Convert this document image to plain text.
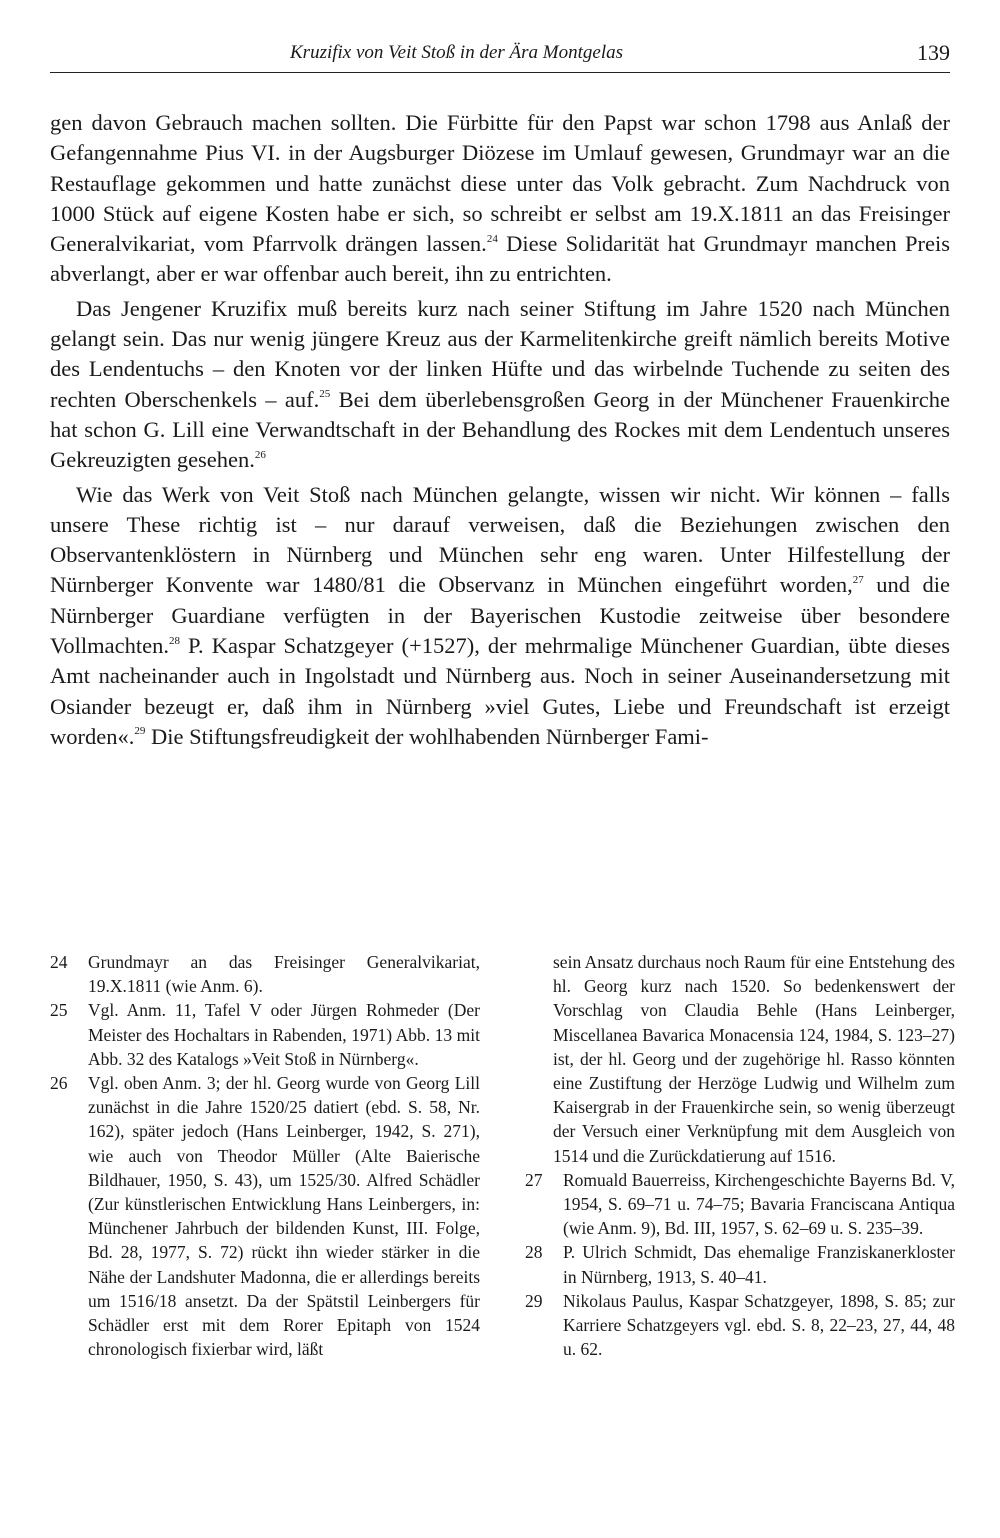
Kruzifix von Veit Stoß in der Ära Montgelas	139

gen davon Gebrauch machen sollten. Die Fürbitte für den Papst war schon 1798 aus Anlaß der Gefangennahme Pius VI. in der Augsburger Diözese im Umlauf gewesen, Grundmayr war an die Restauflage gekommen und hatte zunächst diese unter das Volk gebracht. Zum Nachdruck von 1000 Stück auf eigene Kosten habe er sich, so schreibt er selbst am 19.X.1811 an das Freisinger Generalvikariat, vom Pfarrvolk drängen lassen.$^{24}$ Diese Solidarität hat Grundmayr manchen Preis abverlangt, aber er war offenbar auch bereit, ihn zu entrichten.

Das Jengener Kruzifix muß bereits kurz nach seiner Stiftung im Jahre 1520 nach München gelangt sein. Das nur wenig jüngere Kreuz aus der Karmelitenkirche greift nämlich bereits Motive des Lendentuchs – den Knoten vor der linken Hüfte und das wirbelnde Tuchende zu seiten des rechten Oberschenkels – auf.$^{25}$ Bei dem überlebensgroßen Georg in der Münchener Frauenkirche hat schon G. Lill eine Verwandtschaft in der Behandlung des Rockes mit dem Lendentuch unseres Gekreuzigten gesehen.$^{26}$

Wie das Werk von Veit Stoß nach München gelangte, wissen wir nicht. Wir können – falls unsere These richtig ist – nur darauf verweisen, daß die Beziehungen zwischen den Observantenklöstern in Nürnberg und München sehr eng waren. Unter Hilfestellung der Nürnberger Konvente war 1480/81 die Observanz in München eingeführt worden,$^{27}$ und die Nürnberger Guardiane verfügten in der Bayerischen Kustodie zeitweise über besondere Vollmachten.$^{28}$ P. Kaspar Schatzgeyer (+1527), der mehrmalige Münchener Guardian, übte dieses Amt nacheinander auch in Ingolstadt und Nürnberg aus. Noch in seiner Auseinandersetzung mit Osiander bezeugt er, daß ihm in Nürnberg »viel Gutes, Liebe und Freundschaft ist erzeigt worden«.$^{29}$ Die Stiftungsfreudigkeit der wohlhabenden Nürnberger Fami-

24 Grundmayr an das Freisinger Generalvikariat, 19.X.1811 (wie Anm. 6).
25 Vgl. Anm. 11, Tafel V oder Jürgen Rohmeder (Der Meister des Hochaltars in Rabenden, 1971) Abb. 13 mit Abb. 32 des Katalogs »Veit Stoß in Nürnberg«.
26 Vgl. oben Anm. 3; der hl. Georg wurde von Georg Lill zunächst in die Jahre 1520/25 datiert (ebd. S. 58, Nr. 162), später jedoch (Hans Leinberger, 1942, S. 271), wie auch von Theodor Müller (Alte Baierische Bildhauer, 1950, S. 43), um 1525/30. Alfred Schädler (Zur künstlerischen Entwicklung Hans Leinbergers, in: Münchener Jahrbuch der bildenden Kunst, III. Folge, Bd. 28, 1977, S. 72) rückt ihn wieder stärker in die Nähe der Landshuter Madonna, die er allerdings bereits um 1516/18 ansetzt. Da der Spätstil Leinbergers für Schädler erst mit dem Rorer Epitaph von 1524 chronologisch fixierbar wird, läßt
sein Ansatz durchaus noch Raum für eine Entstehung des hl. Georg kurz nach 1520. So bedenkenswert der Vorschlag von Claudia Behle (Hans Leinberger, Miscellanea Bavarica Monacensia 124, 1984, S. 123–27) ist, der hl. Georg und der zugehörige hl. Rasso könnten eine Zustiftung der Herzöge Ludwig und Wilhelm zum Kaisergrab in der Frauenkirche sein, so wenig überzeugt der Versuch einer Verknüpfung mit dem Ausgleich von 1514 und die Zurückdatierung auf 1516.
27 Romuald Bauerreiss, Kirchengeschichte Bayerns Bd. V, 1954, S. 69–71 u. 74–75; Bavaria Franciscana Antiqua (wie Anm. 9), Bd. III, 1957, S. 62–69 u. S. 235–39.
28 P. Ulrich Schmidt, Das ehemalige Franziskanerkloster in Nürnberg, 1913, S. 40–41.
29 Nikolaus Paulus, Kaspar Schatzgeyer, 1898, S. 85; zur Karriere Schatzgeyers vgl. ebd. S. 8, 22–23, 27, 44, 48 u. 62.
